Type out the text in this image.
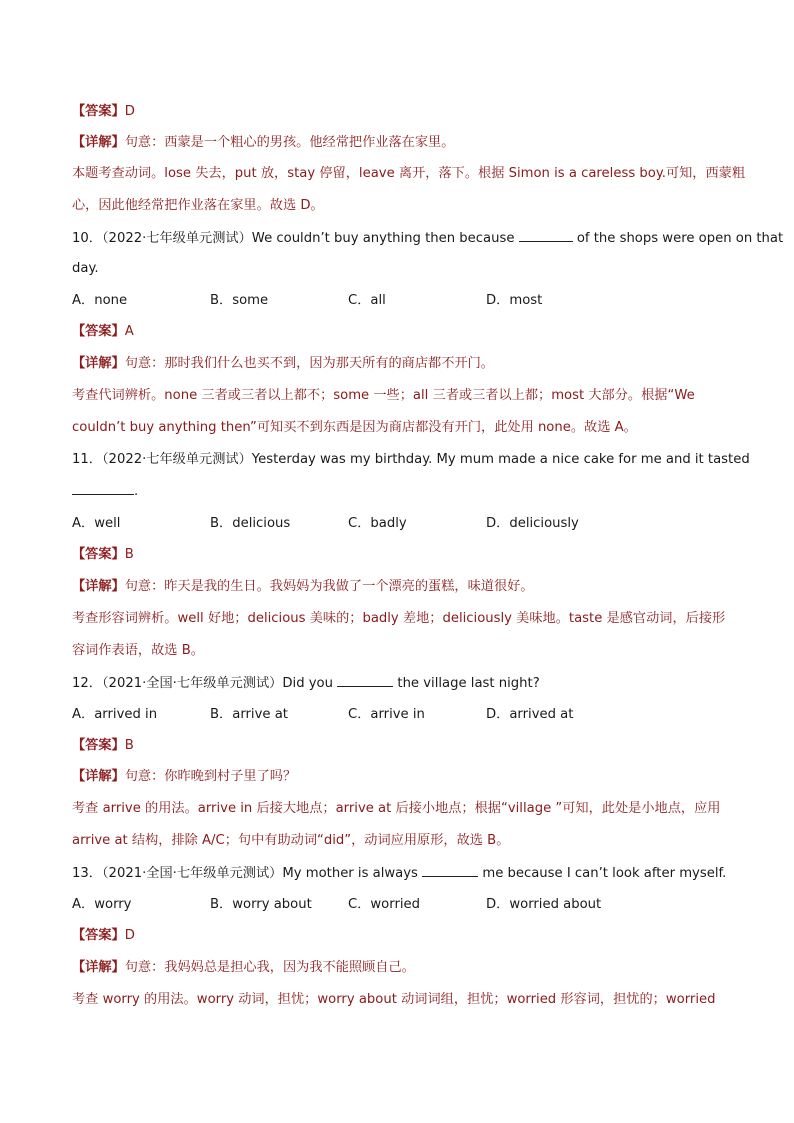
【答案】D
【详解】句意：西蒙是一个粗心的男孩。他经常把作业落在家里。
本题考查动词。lose 失去，put 放，stay 停留，leave 离开，落下。根据 Simon is a careless boy.可知，西蒙粗
心，因此他经常把作业落在家里。故选 D。
10．（2022·七年级单元测试）We couldn’t buy anything then because	of the shops were open on that
day.
A．none	B．some	C．all	D．most
【答案】A
【详解】句意：那时我们什么也买不到，因为那天所有的商店都不开门。
考查代词辨析。none 三者或三者以上都不；some 一些；all 三者或三者以上都；most 大部分。根据“We
couldn’t buy anything then”可知买不到东西是因为商店都没有开门，此处用 none。故选 A。
11．（2022·七年级单元测试）Yesterday was my birthday. My mum made a nice cake for me and it tasted
.
A．well	B．delicious	C．badly	D．deliciously
【答案】B
【详解】句意：昨天是我的生日。我妈妈为我做了一个漂亮的蛋糕，味道很好。
考查形容词辨析。well 好地；delicious 美味的；badly 差地；deliciously 美味地。taste 是感官动词，后接形
容词作表语，故选 B。
12．（2021·全国·七年级单元测试）Did you	the village last night?
A．arrived in	B．arrive at	C．arrive in	D．arrived at
【答案】B
【详解】句意：你昨晚到村子里了吗？
考查 arrive 的用法。arrive in 后接大地点；arrive at 后接小地点；根据“village ”可知，此处是小地点，应用
arrive at 结构，排除 A/C；句中有助动词“did”，动词应用原形，故选 B。
13．（2021·全国·七年级单元测试）My mother is always	me because I can’t look after myself.
A．worry	B．worry about	C．worried	D．worried about
【答案】D
【详解】句意：我妈妈总是担心我，因为我不能照顾自己。
考查 worry 的用法。worry 动词，担忧；worry about 动词词组，担忧；worried 形容词，担忧的；worried
